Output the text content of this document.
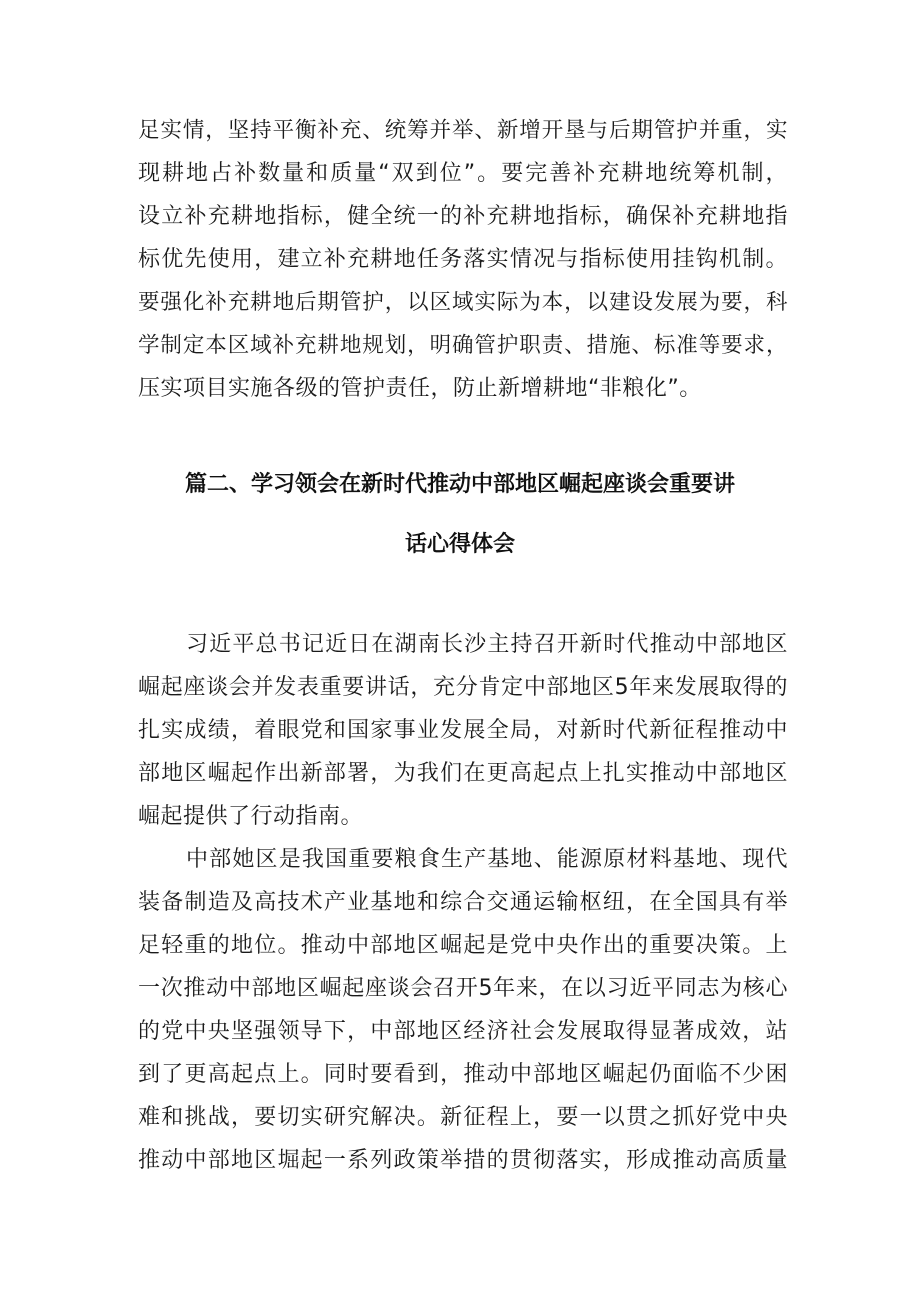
足实情，坚持平衡补充、统筹并举、新增开垦与后期管护并重，实
现耕地占补数量和质量“双到位”。要完善补充耕地统筹机制，
设立补充耕地指标，健全统一的补充耕地指标，确保补充耕地指
标优先使用，建立补充耕地任务落实情况与指标使用挂钩机制。
要强化补充耕地后期管护，以区域实际为本，以建设发展为要，科
学制定本区域补充耕地规划，明确管护职责、措施、标准等要求，
压实项目实施各级的管护责任，防止新增耕地“非粮化”。
篇二、学习领会在新时代推动中部地区崛起座谈会重要讲
话心得体会
习近平总书记近日在湖南长沙主持召开新时代推动中部地区
崛起座谈会并发表重要讲话，充分肯定中部地区5年来发展取得的
扎实成绩，着眼党和国家事业发展全局，对新时代新征程推动中
部地区崛起作出新部署，为我们在更高起点上扎实推动中部地区
崛起提供了行动指南。
中部她区是我国重要粮食生产基地、能源原材料基地、现代
装备制造及高技术产业基地和综合交通运输枢纽，在全国具有举
足轻重的地位。推动中部地区崛起是党中央作出的重要决策。上
一次推动中部地区崛起座谈会召开5年来，在以习近平同志为核心
的党中央坚强领导下，中部地区经济社会发展取得显著成效，站
到了更高起点上。同时要看到，推动中部地区崛起仍面临不少困
难和挑战，要切实研究解决。新征程上，要一以贯之抓好党中央
推动中部地区堀起一系列政策举措的贯彻落实，形成推动高质量
